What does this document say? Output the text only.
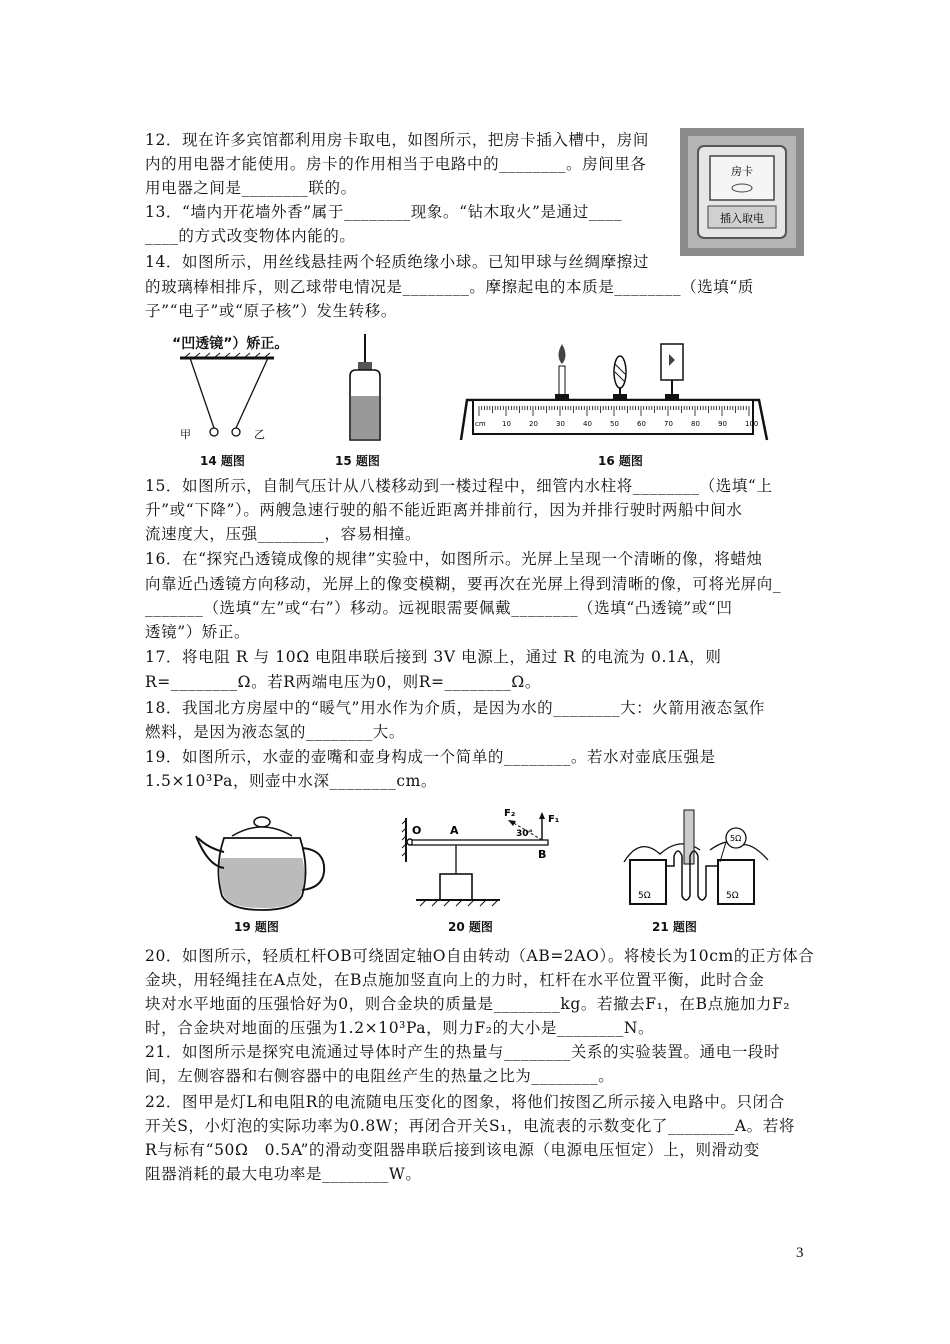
12．现在许多宾馆都利用房卡取电，如图所示，把房卡插入槽中，房间
内的用电器才能使用。房卡的作用相当于电路中的________。房间里各
用电器之间是________联的。
13．“墙内开花墙外香”属于________现象。“钻木取火”是通过____
____的方式改变物体内能的。
14．如图所示，用丝线悬挂两个轻质绝缘小球。已知甲球与丝绸摩擦过
的玻璃棒相排斥，则乙球带电情况是________。摩擦起电的本质是________（选填“质
子”“电子”或“原子核”）发生转移。
15．如图所示，自制气压计从八楼移动到一楼过程中，细管内水柱将________（选填“上
升”或“下降”）。两艘急速行驶的船不能近距离并排前行，因为并排行驶时两船中间水
流速度大，压强________，容易相撞。
16．在“探究凸透镜成像的规律”实验中，如图所示。光屏上呈现一个清晰的像，将蜡烛
向靠近凸透镜方向移动，光屏上的像变模糊，要再次在光屏上得到清晰的像，可将光屏向_
_______（选填“左”或“右”）移动。远视眼需要佩戴________（选填“凸透镜”或“凹
透镜”）矫正。
17．将电阻 R 与 10Ω 电阻串联后接到 3V 电源上，通过 R 的电流为 0.1A，则
R=________Ω。若R两端电压为0，则R=________Ω。
18．我国北方房屋中的“暖气”用水作为介质，是因为水的________大：火箭用液态氢作
燃料，是因为液态氢的________大。
19．如图所示，水壶的壶嘴和壶身构成一个简单的________。若水对壶底压强是
1.5×10³Pa，则壶中水深________cm。
20．如图所示，轻质杠杆OB可绕固定轴O自由转动（AB=2AO）。将棱长为10cm的正方体合
金块，用轻绳挂在A点处，在B点施加竖直向上的力时，杠杆在水平位置平衡，此时合金
块对水平地面的压强恰好为0，则合金块的质量是________kg。若撤去F₁，在B点施加力F₂
时，合金块对地面的压强为1.2×10³Pa，则力F₂的大小是________N。
21．如图所示是探究电流通过导体时产生的热量与________关系的实验装置。通电一段时
间，左侧容器和右侧容器中的电阻丝产生的热量之比为________。
22．图甲是灯L和电阻R的电流随电压变化的图象，将他们按图乙所示接入电路中。只闭合
开关S，小灯泡的实际功率为0.8W；再闭合开关S₁，电流表的示数变化了________A。若将
R与标有“50Ω　0.5A”的滑动变阻器串联后接到该电源（电源电压恒定）上，则滑动变
阻器消耗的最大电功率是________W。
房卡
插入取电
“凹透镜”）矫正。
甲	乙
14 题图	15 题图
cm 10	20	30	40	50	60	70	80	90	100
16 题图
19 题图
O	A
B
F₁
F₂
30°
20 题图
5Ω	5Ω
5Ω
21 题图
3
